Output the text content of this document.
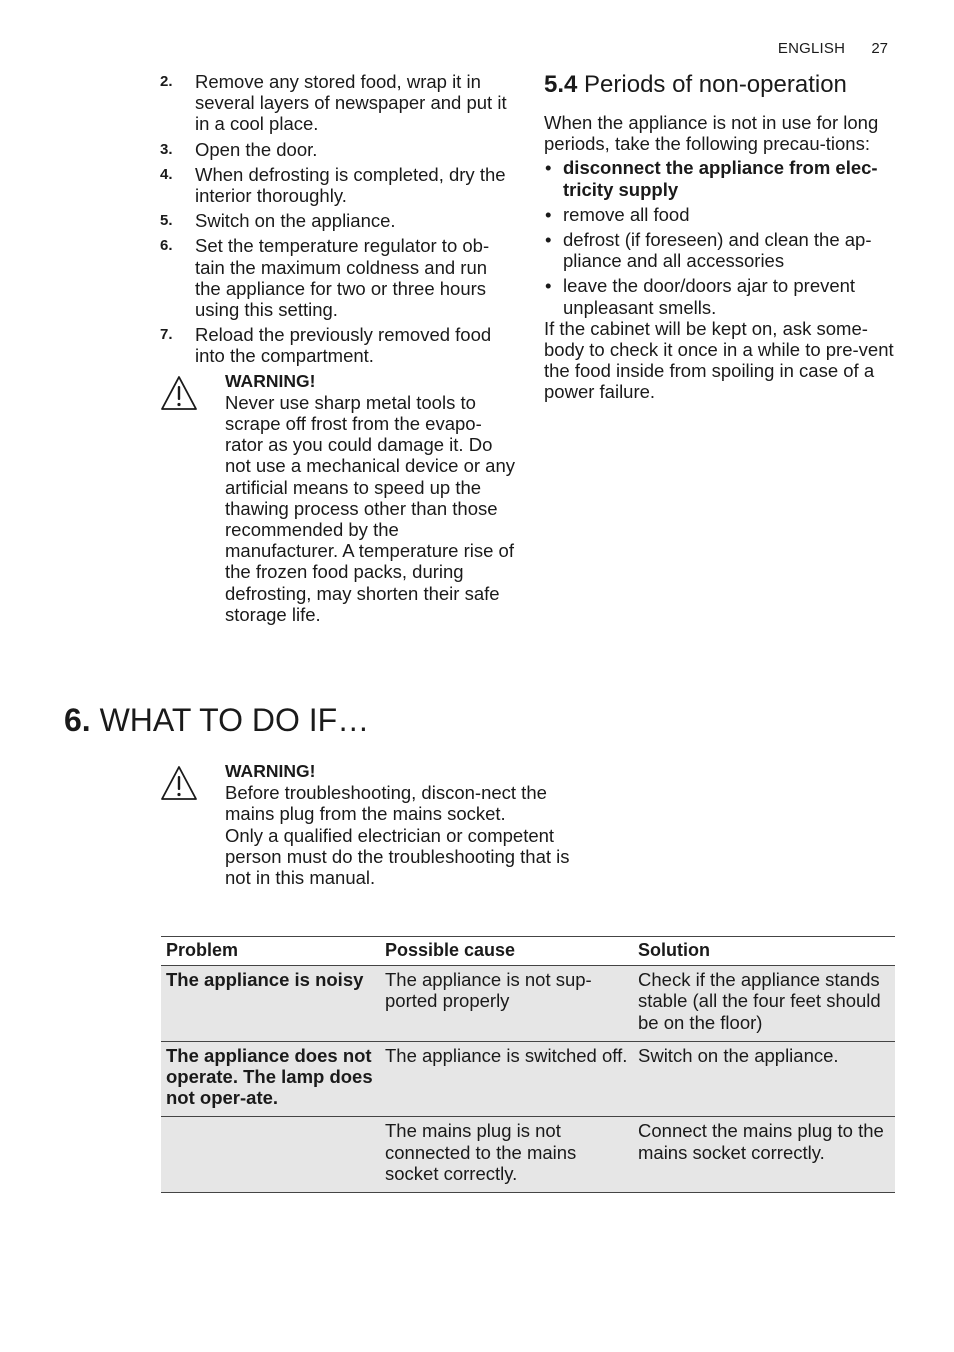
ENGLISH 27
2. Remove any stored food, wrap it in several layers of newspaper and put it in a cool place.
3. Open the door.
4. When defrosting is completed, dry the interior thoroughly.
5. Switch on the appliance.
6. Set the temperature regulator to ob-tain the maximum coldness and run the appliance for two or three hours using this setting.
7. Reload the previously removed food into the compartment.
WARNING!
Never use sharp metal tools to scrape off frost from the evapo-rator as you could damage it. Do not use a mechanical device or any artificial means to speed up the thawing process other than those recommended by the manufacturer. A temperature rise of the frozen food packs, during defrosting, may shorten their safe storage life.
5.4 Periods of non-operation

When the appliance is not in use for long periods, take the following precau-tions:

• disconnect the appliance from elec-tricity supply
• remove all food
• defrost (if foreseen) and clean the ap-pliance and all accessories
• leave the door/doors ajar to prevent unpleasant smells.

If the cabinet will be kept on, ask some-body to check it once in a while to pre-vent the food inside from spoiling in case of a power failure.

6. WHAT TO DO IF…
WARNING!
Before troubleshooting, discon-nect the mains plug from the mains socket.
Only a qualified electrician or competent person must do the troubleshooting that is not in this manual.
Problem	Possible cause	Solution
The appliance is noisy	The appliance is not sup-ported properly	Check if the appliance stands stable (all the four feet should be on the floor)
The appliance does not operate. The lamp does not oper-ate.	The appliance is switched off.	Switch on the appliance.
	The mains plug is not connected to the mains socket correctly.	Connect the mains plug to the mains socket correctly.
